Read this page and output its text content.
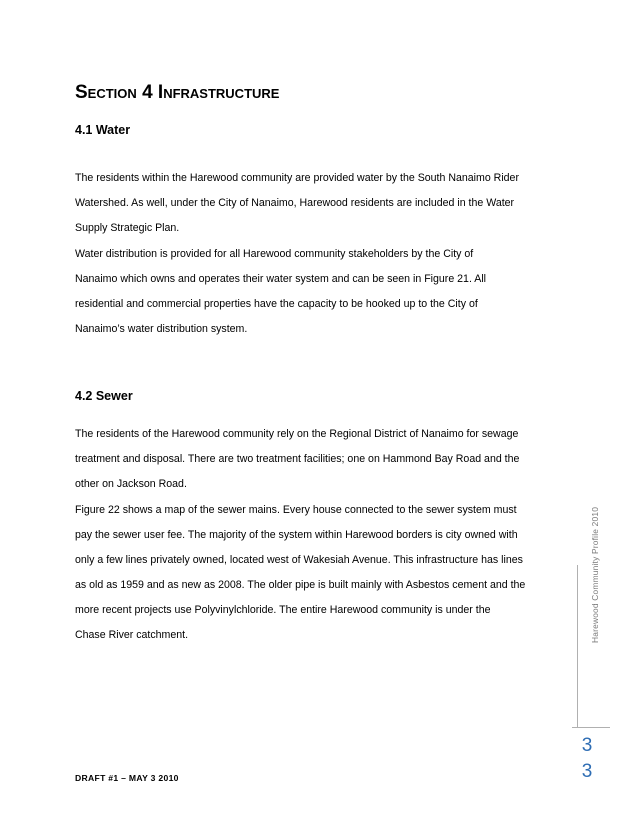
Section 4 Infrastructure
4.1 Water

The residents within the Harewood community are provided water by the South Nanaimo Rider
Watershed. As well, under the City of Nanaimo, Harewood residents are included in the Water
Supply Strategic Plan.

Water distribution is provided for all Harewood community stakeholders by the City of
Nanaimo which owns and operates their water system and can be seen in Figure 21. All
residential and commercial properties have the capacity to be hooked up to the City of
Nanaimo’s water distribution system.

4.2 Sewer

The residents of the Harewood community rely on the Regional District of Nanaimo for sewage
treatment and disposal. There are two treatment facilities; one on Hammond Bay Road and the
other on Jackson Road.

Figure 22 shows a map of the sewer mains. Every house connected to the sewer system must
pay the sewer user fee. The majority of the system within Harewood borders is city owned with
only a few lines privately owned, located west of Wakesiah Avenue. This infrastructure has lines
as old as 1959 and as new as 2008. The older pipe is built mainly with Asbestos cement and the
more recent projects use Polyvinylchloride. The entire Harewood community is under the
Chase River catchment.	Harewood Community Profile 2010
3
3
DRAFT #1 – MAY 3 2010
